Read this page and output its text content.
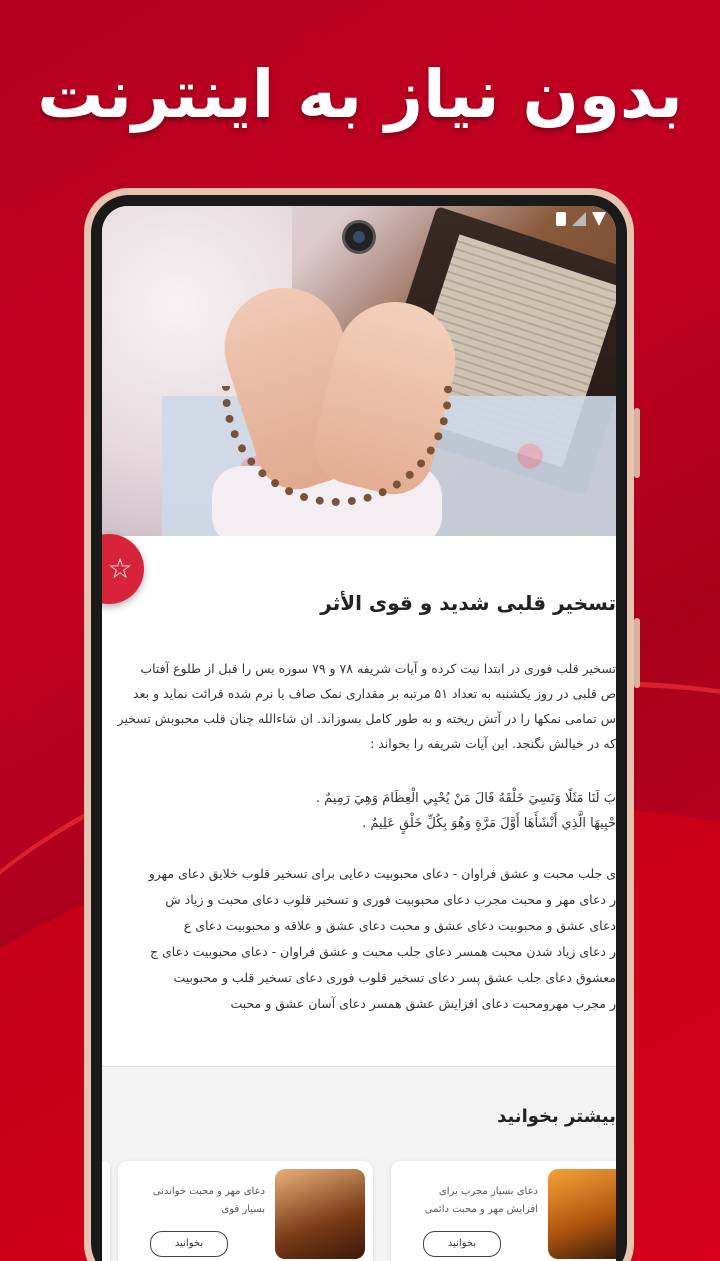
بدون نیاز به اینترنت
☆
تسخیر قلبی شدید و قوی الأثر

تسخیر قلب فوری در ابتدا نیت کرده و آیات شریفه ۷۸ و ۷۹ سوره یس را قبل از طلوع آفتاب

ص قلبی در روز یکشنبه به تعداد ۵۱ مرتبه بر مقداری نمک صاف یا نرم شده قرائت نماید و بعد

س تمامی نمکها را در آتش ریخته و به طور کامل بسوزاند. ان شاءالله چنان قلب محبوبش تسخیر

که در خیالش نگنجد. این آیات شریفه را بخواند :

بَ لَنَا مَثَلًا وَنَسِيَ خَلْقَهُ قَالَ مَنْ يُحْيِي الْعِظَامَ وَهِيَ رَمِيمٌ .

حْيِيهَا الَّذِي أَنْشَأَهَا أَوَّلَ مَرَّةٍ وَهُوَ بِكُلِّ خَلْقٍ عَلِيمٌ .

ی جلب محبت و عشق فراوان - دعای محبوبیت دعایی برای تسخیر قلوب خلایق دعای مهرو

ر دعای مهر و محبت مجرب دعای محبوبیت فوری و تسخیر قلوب دعای محبت و زیاد ش

دعای عشق و محبوبیت دعای عشق و محبت دعای عشق و علاقه و محبوبیت دعای ع

ر دعای زیاد شدن محبت همسر دعای جلب محبت و عشق فراوان - دعای محبوبیت دعای ج

معشوق دعای جلب عشق پسر دعای تسخیر قلوب فوری دعای تسخیر قلب و محبوبیت

ر مجرب مهرومحبت دعای افزایش عشق همسر دعای آسان عشق و محبت

بیشتر بخوانید
دعای بسیار مجرب برای افزایش مهر و محبت دائمی
بخوانید
دعای مهر و محبت خواندنی بسیار قوی
بخوانید
